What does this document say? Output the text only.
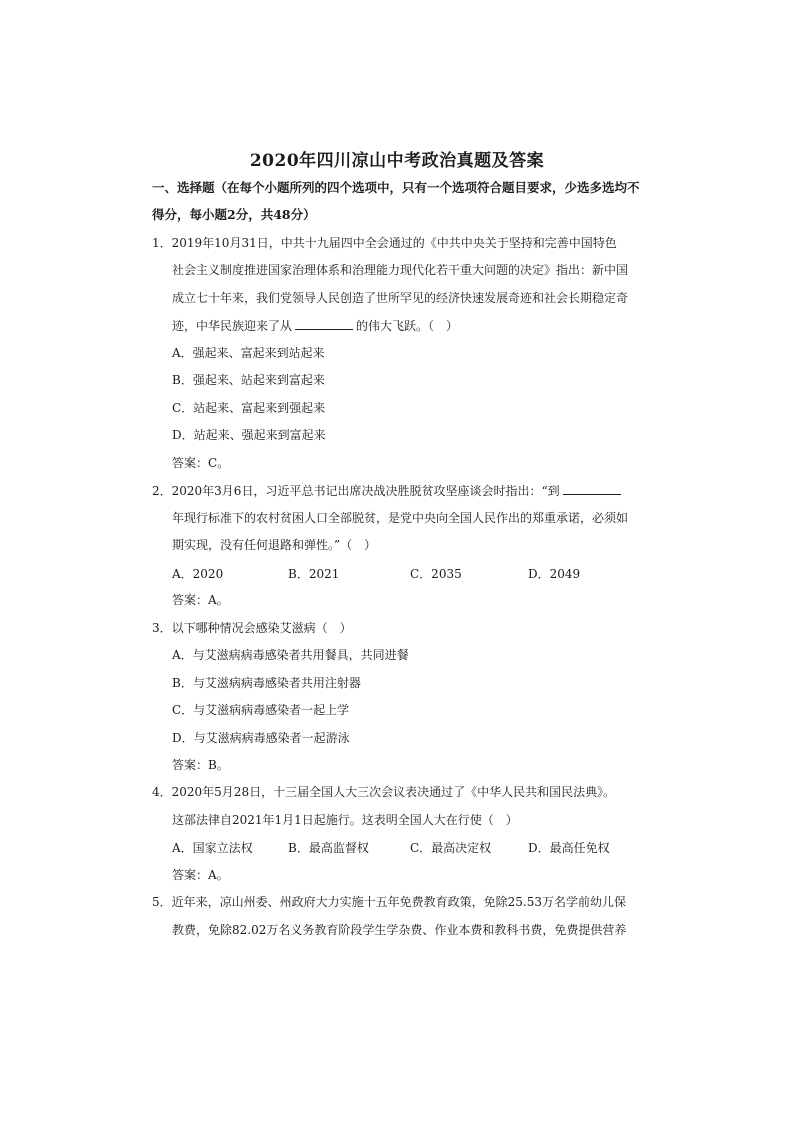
2020年四川凉山中考政治真题及答案
一、选择题（在每个小题所列的四个选项中，只有一个选项符合题目要求，少选多选均不
得分，每小题2分，共48分）
1．2019年10月31日，中共十九届四中全会通过的《中共中央关于坚持和完善中国特色
社会主义制度推进国家治理体系和治理能力现代化若干重大问题的决定》指出：新中国
成立七十年来，我们党领导人民创造了世所罕见的经济快速发展奇迹和社会长期稳定奇
迹，中华民族迎来了从	的伟大飞跃。（　）
A．强起来、富起来到站起来
B．强起来、站起来到富起来
C．站起来、富起来到强起来
D．站起来、强起来到富起来
答案：C。
2．2020年3月6日，习近平总书记出席决战决胜脱贫攻坚座谈会时指出：“到
年现行标准下的农村贫困人口全部脱贫，是党中央向全国人民作出的郑重承诺，必须如
期实现，没有任何退路和弹性。”（　）
A．2020	B．2021	C．2035	D．2049
答案：A。
3．以下哪种情况会感染艾滋病（　）
A．与艾滋病病毒感染者共用餐具，共同进餐
B．与艾滋病病毒感染者共用注射器
C．与艾滋病病毒感染者一起上学
D．与艾滋病病毒感染者一起游泳
答案：B。
4．2020年5月28日，十三届全国人大三次会议表决通过了《中华人民共和国民法典》。
这部法律自2021年1月1日起施行。这表明全国人大在行使（　）
A．国家立法权	B．最高监督权	C．最高决定权	D．最高任免权
答案：A。
5．近年来，凉山州委、州政府大力实施十五年免费教育政策，免除25.53万名学前幼儿保
教费，免除82.02万名义务教育阶段学生学杂费、作业本费和教科书费，免费提供营养
